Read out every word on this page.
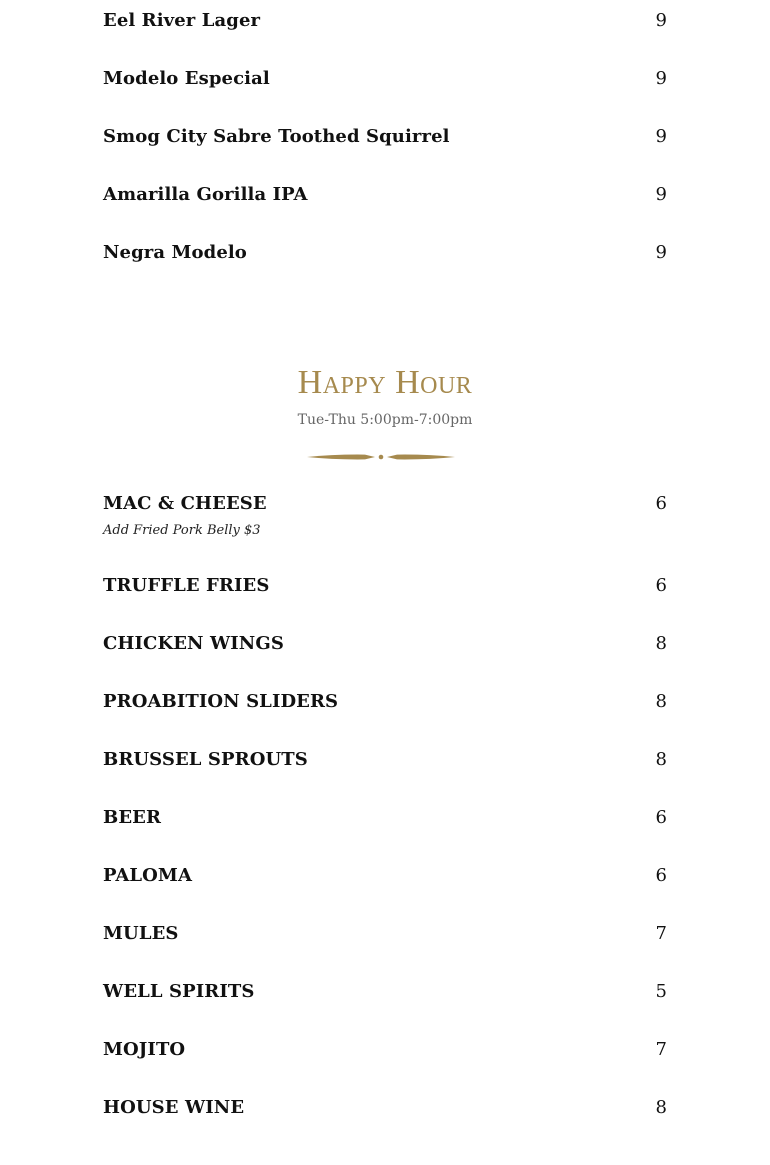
Eel River Lager	9
Modelo Especial	9
Smog City Sabre Toothed Squirrel	9
Amarilla Gorilla IPA	9
Negra Modelo	9
Happy Hour
Tue-Thu 5:00pm-7:00pm
MAC & CHEESE	6
Add Fried Pork Belly $3
TRUFFLE FRIES	6
CHICKEN WINGS	8
PROABITION SLIDERS	8
BRUSSEL SPROUTS	8
BEER	6
PALOMA	6
MULES	7
WELL SPIRITS	5
MOJITO	7
HOUSE WINE	8
